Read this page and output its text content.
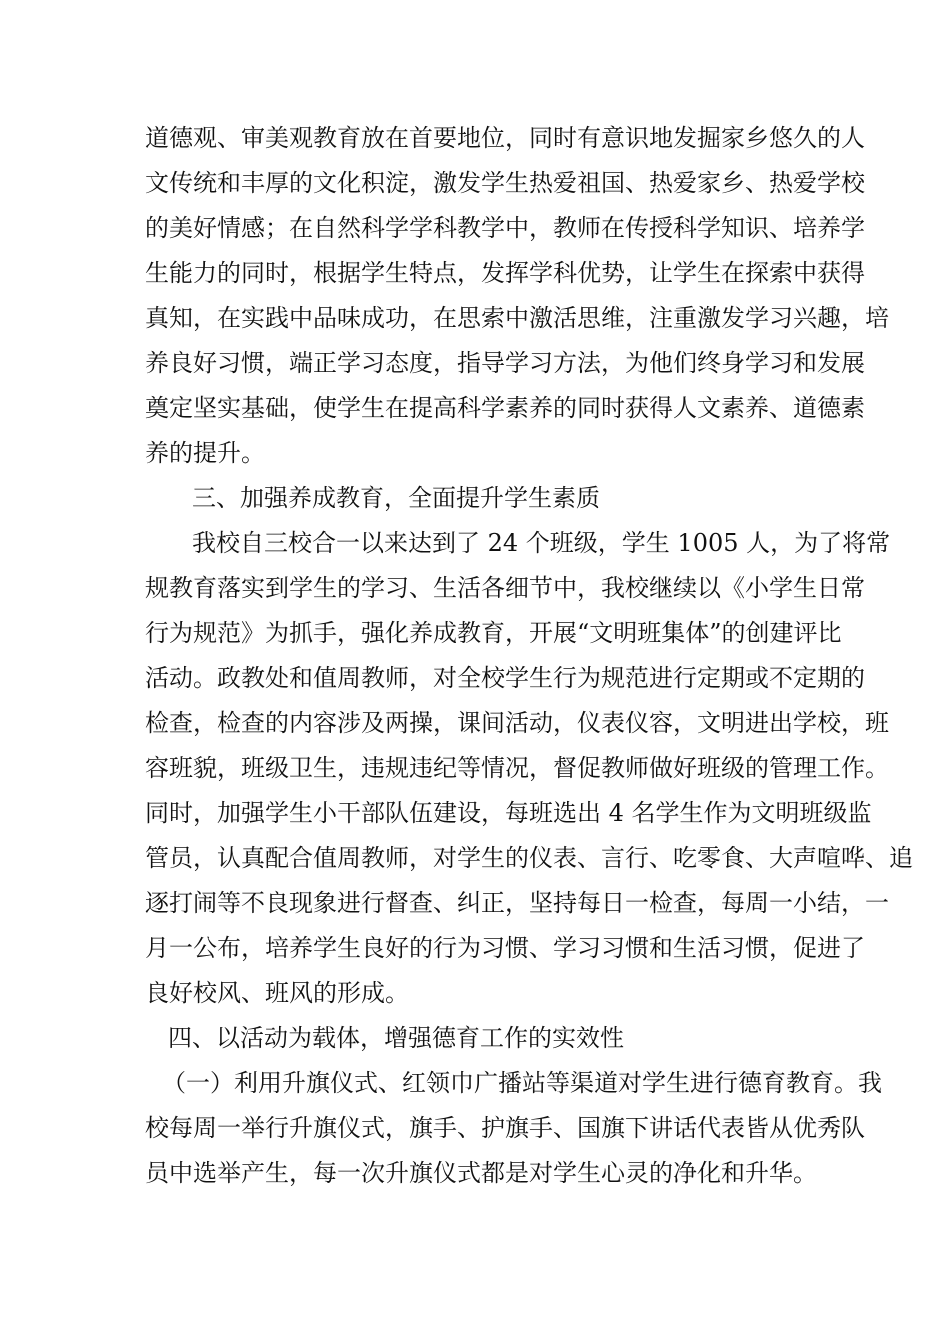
道德观、审美观教育放在首要地位，同时有意识地发掘家乡悠久的人
文传统和丰厚的文化积淀，激发学生热爱祖国、热爱家乡、热爱学校
的美好情感；在自然科学学科教学中，教师在传授科学知识、培养学
生能力的同时，根据学生特点，发挥学科优势，让学生在探索中获得
真知，在实践中品味成功，在思索中激活思维，注重激发学习兴趣，培
养良好习惯，端正学习态度，指导学习方法，为他们终身学习和发展
奠定坚实基础，使学生在提高科学素养的同时获得人文素养、道德素
养的提升。
三、加强养成教育，全面提升学生素质
我校自三校合一以来达到了 24 个班级，学生 1005 人，为了将常
规教育落实到学生的学习、生活各细节中，我校继续以《小学生日常
行为规范》为抓手，强化养成教育，开展“文明班集体”的创建评比
活动。政教处和值周教师，对全校学生行为规范进行定期或不定期的
检查，检查的内容涉及两操，课间活动，仪表仪容，文明进出学校，班
容班貌，班级卫生，违规违纪等情况，督促教师做好班级的管理工作。
同时，加强学生小干部队伍建设，每班选出 4 名学生作为文明班级监
管员，认真配合值周教师，对学生的仪表、言行、吃零食、大声喧哗、追
逐打闹等不良现象进行督查、纠正，坚持每日一检查，每周一小结，一
月一公布，培养学生良好的行为习惯、学习习惯和生活习惯，促进了
良好校风、班风的形成。
四、以活动为载体，增强德育工作的实效性
（一）利用升旗仪式、红领巾广播站等渠道对学生进行德育教育。我
校每周一举行升旗仪式，旗手、护旗手、国旗下讲话代表皆从优秀队
员中选举产生，每一次升旗仪式都是对学生心灵的净化和升华。
